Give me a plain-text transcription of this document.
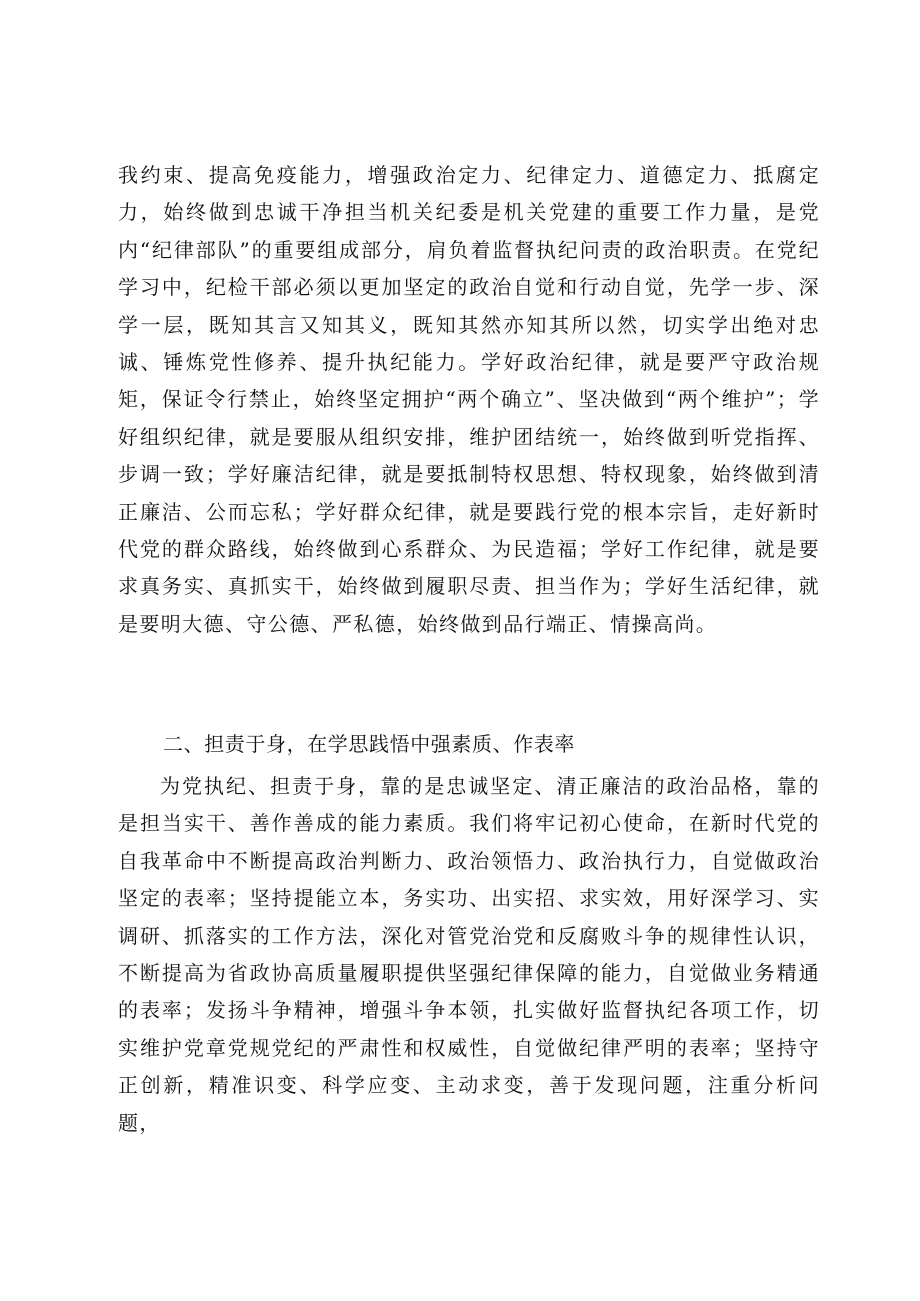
我约束、提高免疫能力，增强政治定力、纪律定力、道德定力、抵腐定力，始终做到忠诚干净担当机关纪委是机关党建的重要工作力量，是党内“纪律部队”的重要组成部分，肩负着监督执纪问责的政治职责。在党纪学习中，纪检干部必须以更加坚定的政治自觉和行动自觉，先学一步、深学一层，既知其言又知其义，既知其然亦知其所以然，切实学出绝对忠诚、锤炼党性修养、提升执纪能力。学好政治纪律，就是要严守政治规矩，保证令行禁止，始终坚定拥护“两个确立”、坚决做到“两个维护”；学好组织纪律，就是要服从组织安排，维护团结统一，始终做到听党指挥、步调一致；学好廉洁纪律，就是要抵制特权思想、特权现象，始终做到清正廉洁、公而忘私；学好群众纪律，就是要践行党的根本宗旨，走好新时代党的群众路线，始终做到心系群众、为民造福；学好工作纪律，就是要求真务实、真抓实干，始终做到履职尽责、担当作为；学好生活纪律，就是要明大德、守公德、严私德，始终做到品行端正、情操高尚。
二、担责于身，在学思践悟中强素质、作表率
为党执纪、担责于身，靠的是忠诚坚定、清正廉洁的政治品格，靠的是担当实干、善作善成的能力素质。我们将牢记初心使命，在新时代党的自我革命中不断提高政治判断力、政治领悟力、政治执行力，自觉做政治坚定的表率；坚持提能立本，务实功、出实招、求实效，用好深学习、实调研、抓落实的工作方法，深化对管党治党和反腐败斗争的规律性认识，不断提高为省政协高质量履职提供坚强纪律保障的能力，自觉做业务精通的表率；发扬斗争精神，增强斗争本领，扎实做好监督执纪各项工作，切实维护党章党规党纪的严肃性和权威性，自觉做纪律严明的表率；坚持守正创新，精准识变、科学应变、主动求变，善于发现问题，注重分析问题，
